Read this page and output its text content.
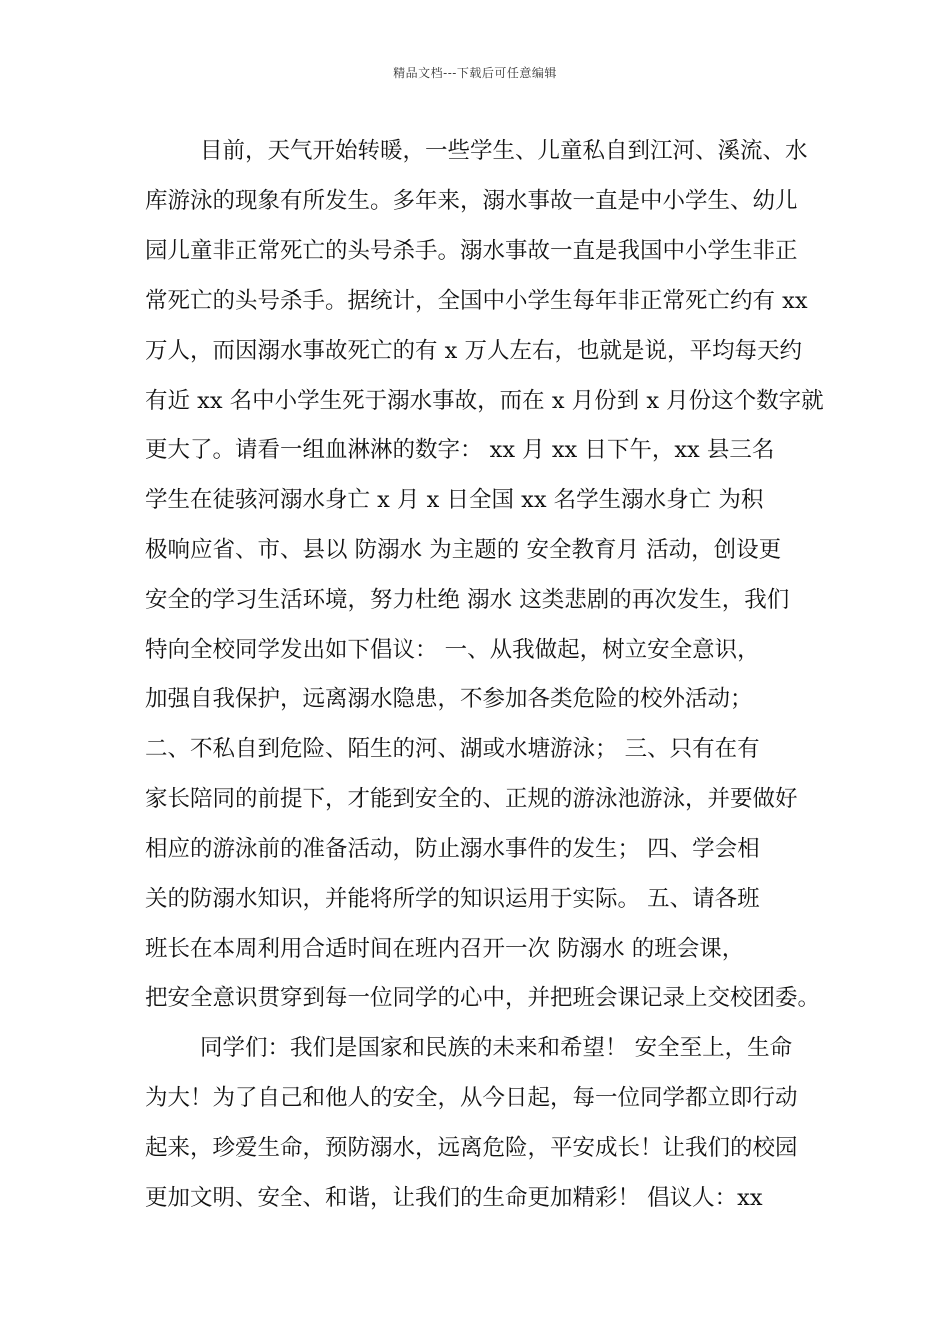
精品文档---下载后可任意编辑
目前，天气开始转暖，一些学生、儿童私自到江河、溪流、水
库游泳的现象有所发生。多年来，溺水事故一直是中小学生、幼儿
园儿童非正常死亡的头号杀手。溺水事故一直是我国中小学生非正
常死亡的头号杀手。据统计，全国中小学生每年非正常死亡约有 xx
万人，而因溺水事故死亡的有 x 万人左右，也就是说，平均每天约
有近 xx 名中小学生死于溺水事故，而在 x 月份到 x 月份这个数字就
更大了。请看一组血淋淋的数字： xx 月 xx 日下午，xx 县三名
学生在徒骇河溺水身亡 x 月 x 日全国 xx 名学生溺水身亡 为积
极响应省、市、县以 防溺水 为主题的 安全教育月 活动，创设更
安全的学习生活环境，努力杜绝 溺水 这类悲剧的再次发生，我们
特向全校同学发出如下倡议： 一、从我做起，树立安全意识，
加强自我保护，远离溺水隐患，不参加各类危险的校外活动；
二、不私自到危险、陌生的河、湖或水塘游泳； 三、只有在有
家长陪同的前提下，才能到安全的、正规的游泳池游泳，并要做好
相应的游泳前的准备活动，防止溺水事件的发生； 四、学会相
关的防溺水知识，并能将所学的知识运用于实际。 五、请各班
班长在本周利用合适时间在班内召开一次 防溺水 的班会课，
把安全意识贯穿到每一位同学的心中，并把班会课记录上交校团委。
同学们：我们是国家和民族的未来和希望！ 安全至上，生命
为大！为了自己和他人的安全，从今日起，每一位同学都立即行动
起来，珍爱生命，预防溺水，远离危险，平安成长！让我们的校园
更加文明、安全、和谐，让我们的生命更加精彩！ 倡议人：xx
